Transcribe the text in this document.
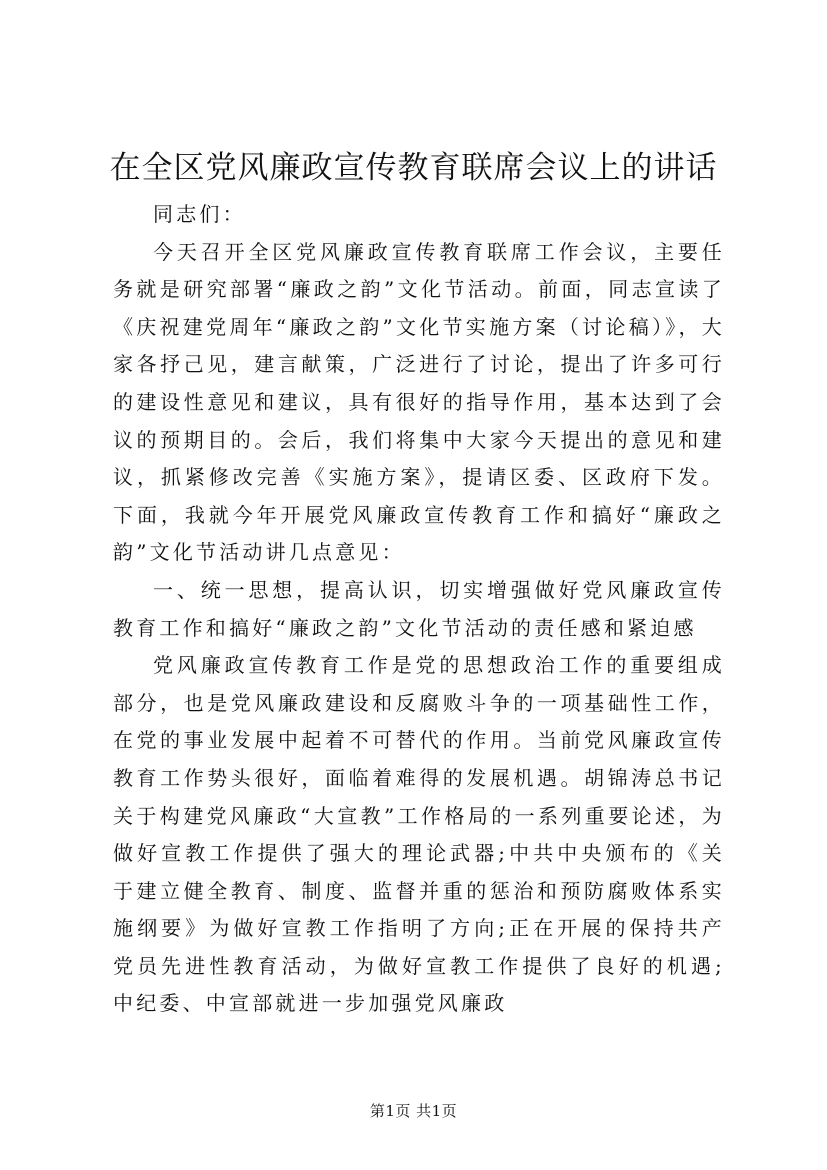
在全区党风廉政宣传教育联席会议上的讲话

同志们：

今天召开全区党风廉政宣传教育联席工作会议，主要任务就是研究部署“廉政之韵”文化节活动。前面，同志宣读了《庆祝建党周年“廉政之韵”文化节实施方案（讨论稿）》，大家各抒己见，建言献策，广泛进行了讨论，提出了许多可行的建设性意见和建议，具有很好的指导作用，基本达到了会议的预期目的。会后，我们将集中大家今天提出的意见和建议，抓紧修改完善《实施方案》，提请区委、区政府下发。下面，我就今年开展党风廉政宣传教育工作和搞好“廉政之韵”文化节活动讲几点意见：

一、统一思想，提高认识，切实增强做好党风廉政宣传教育工作和搞好“廉政之韵”文化节活动的责任感和紧迫感

党风廉政宣传教育工作是党的思想政治工作的重要组成部分，也是党风廉政建设和反腐败斗争的一项基础性工作，在党的事业发展中起着不可替代的作用。当前党风廉政宣传教育工作势头很好，面临着难得的发展机遇。胡锦涛总书记关于构建党风廉政“大宣教”工作格局的一系列重要论述，为做好宣教工作提供了强大的理论武器;中共中央颁布的《关于建立健全教育、制度、监督并重的惩治和预防腐败体系实施纲要》为做好宣教工作指明了方向;正在开展的保持共产党员先进性教育活动，为做好宣教工作提供了良好的机遇;中纪委、中宣部就进一步加强党风廉政

第1页 共1页
